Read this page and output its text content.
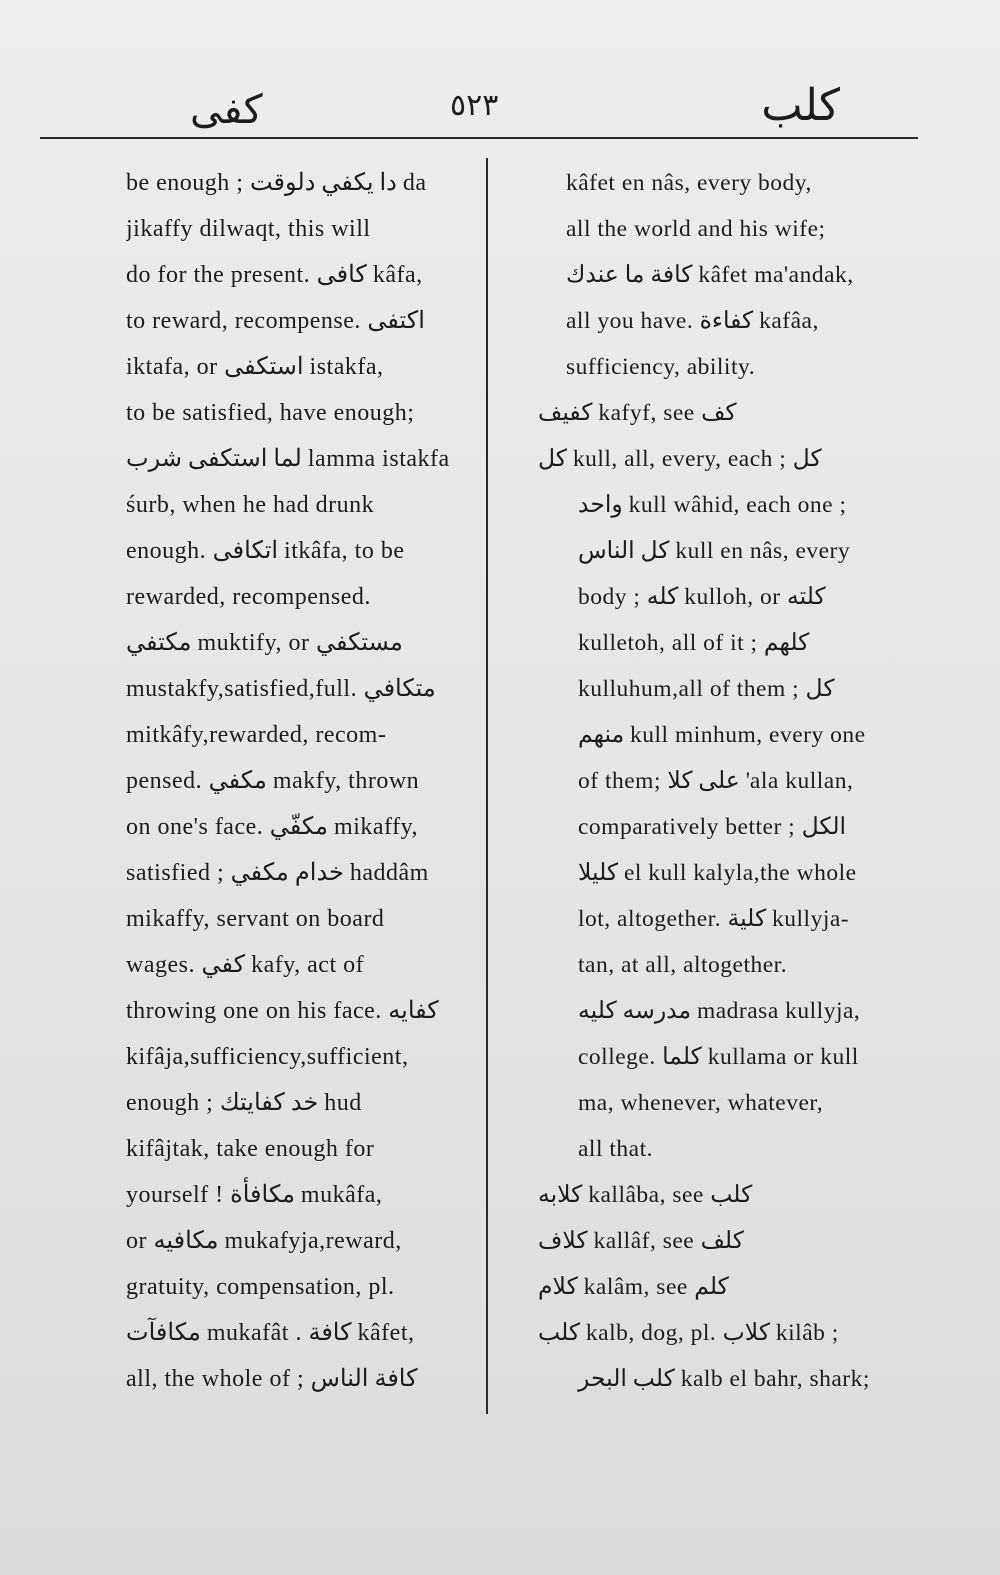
كفى	٥٢٣	كلب
be enough ; دا يكفي دلوقت da
jikaffy dilwaqt, this will
do for the present. كافى kâfa,
to reward, recompense. اكتفى
iktafa, or استكفى istakfa,
to be satisfied, have enough;
لما استكفى شرب lamma istakfa
śurb, when he had drunk
enough. اتكافى itkâfa, to be
rewarded, recompensed.
مكتفي muktify, or مستكفي
mustakfy,satisfied,full. متكافي
mitkâfy,rewarded, recom-
pensed. مكفي makfy, thrown
on one's face. مكفّي mikaffy,
satisfied ; خدام مكفي haddâm
mikaffy, servant on board
wages. كفي kafy, act of
throwing one on his face. كفايه
kifâja,sufficiency,sufficient,
enough ; خد كفايتك hud
kifâjtak, take enough for
yourself ! مكافأة mukâfa,
or مكافيه mukafyja,reward,
gratuity, compensation, pl.
مكافآت mukafât . كافة kâfet,
all, the whole of ; كافة الناس
kâfet en nâs, every body,
all the world and his wife;
كافة ما عندك kâfet ma'andak,
all you have. كفاءة kafâa,
sufficiency, ability.
كفيف kafyf, see كف
كل kull, all, every, each ; كل
واحد kull wâhid, each one ;
كل الناس kull en nâs, every
body ; كله kulloh, or كلته
kulletoh, all of it ; كلهم
kulluhum,all of them ; كل
منهم kull minhum, every one
of them; على كلا 'ala kullan,
comparatively better ; الكل
كليلا el kull kalyla,the whole
lot, altogether. كلية kullyja-
tan, at all, altogether.
مدرسه كليه madrasa kullyja,
college. كلما kullama or kull
ma, whenever, whatever,
all that.
كلابه kallâba, see كلب
كلاف kallâf, see كلف
كلام kalâm, see كلم
كلب kalb, dog, pl. كلاب kilâb ;
كلب البحر kalb el bahr, shark;
